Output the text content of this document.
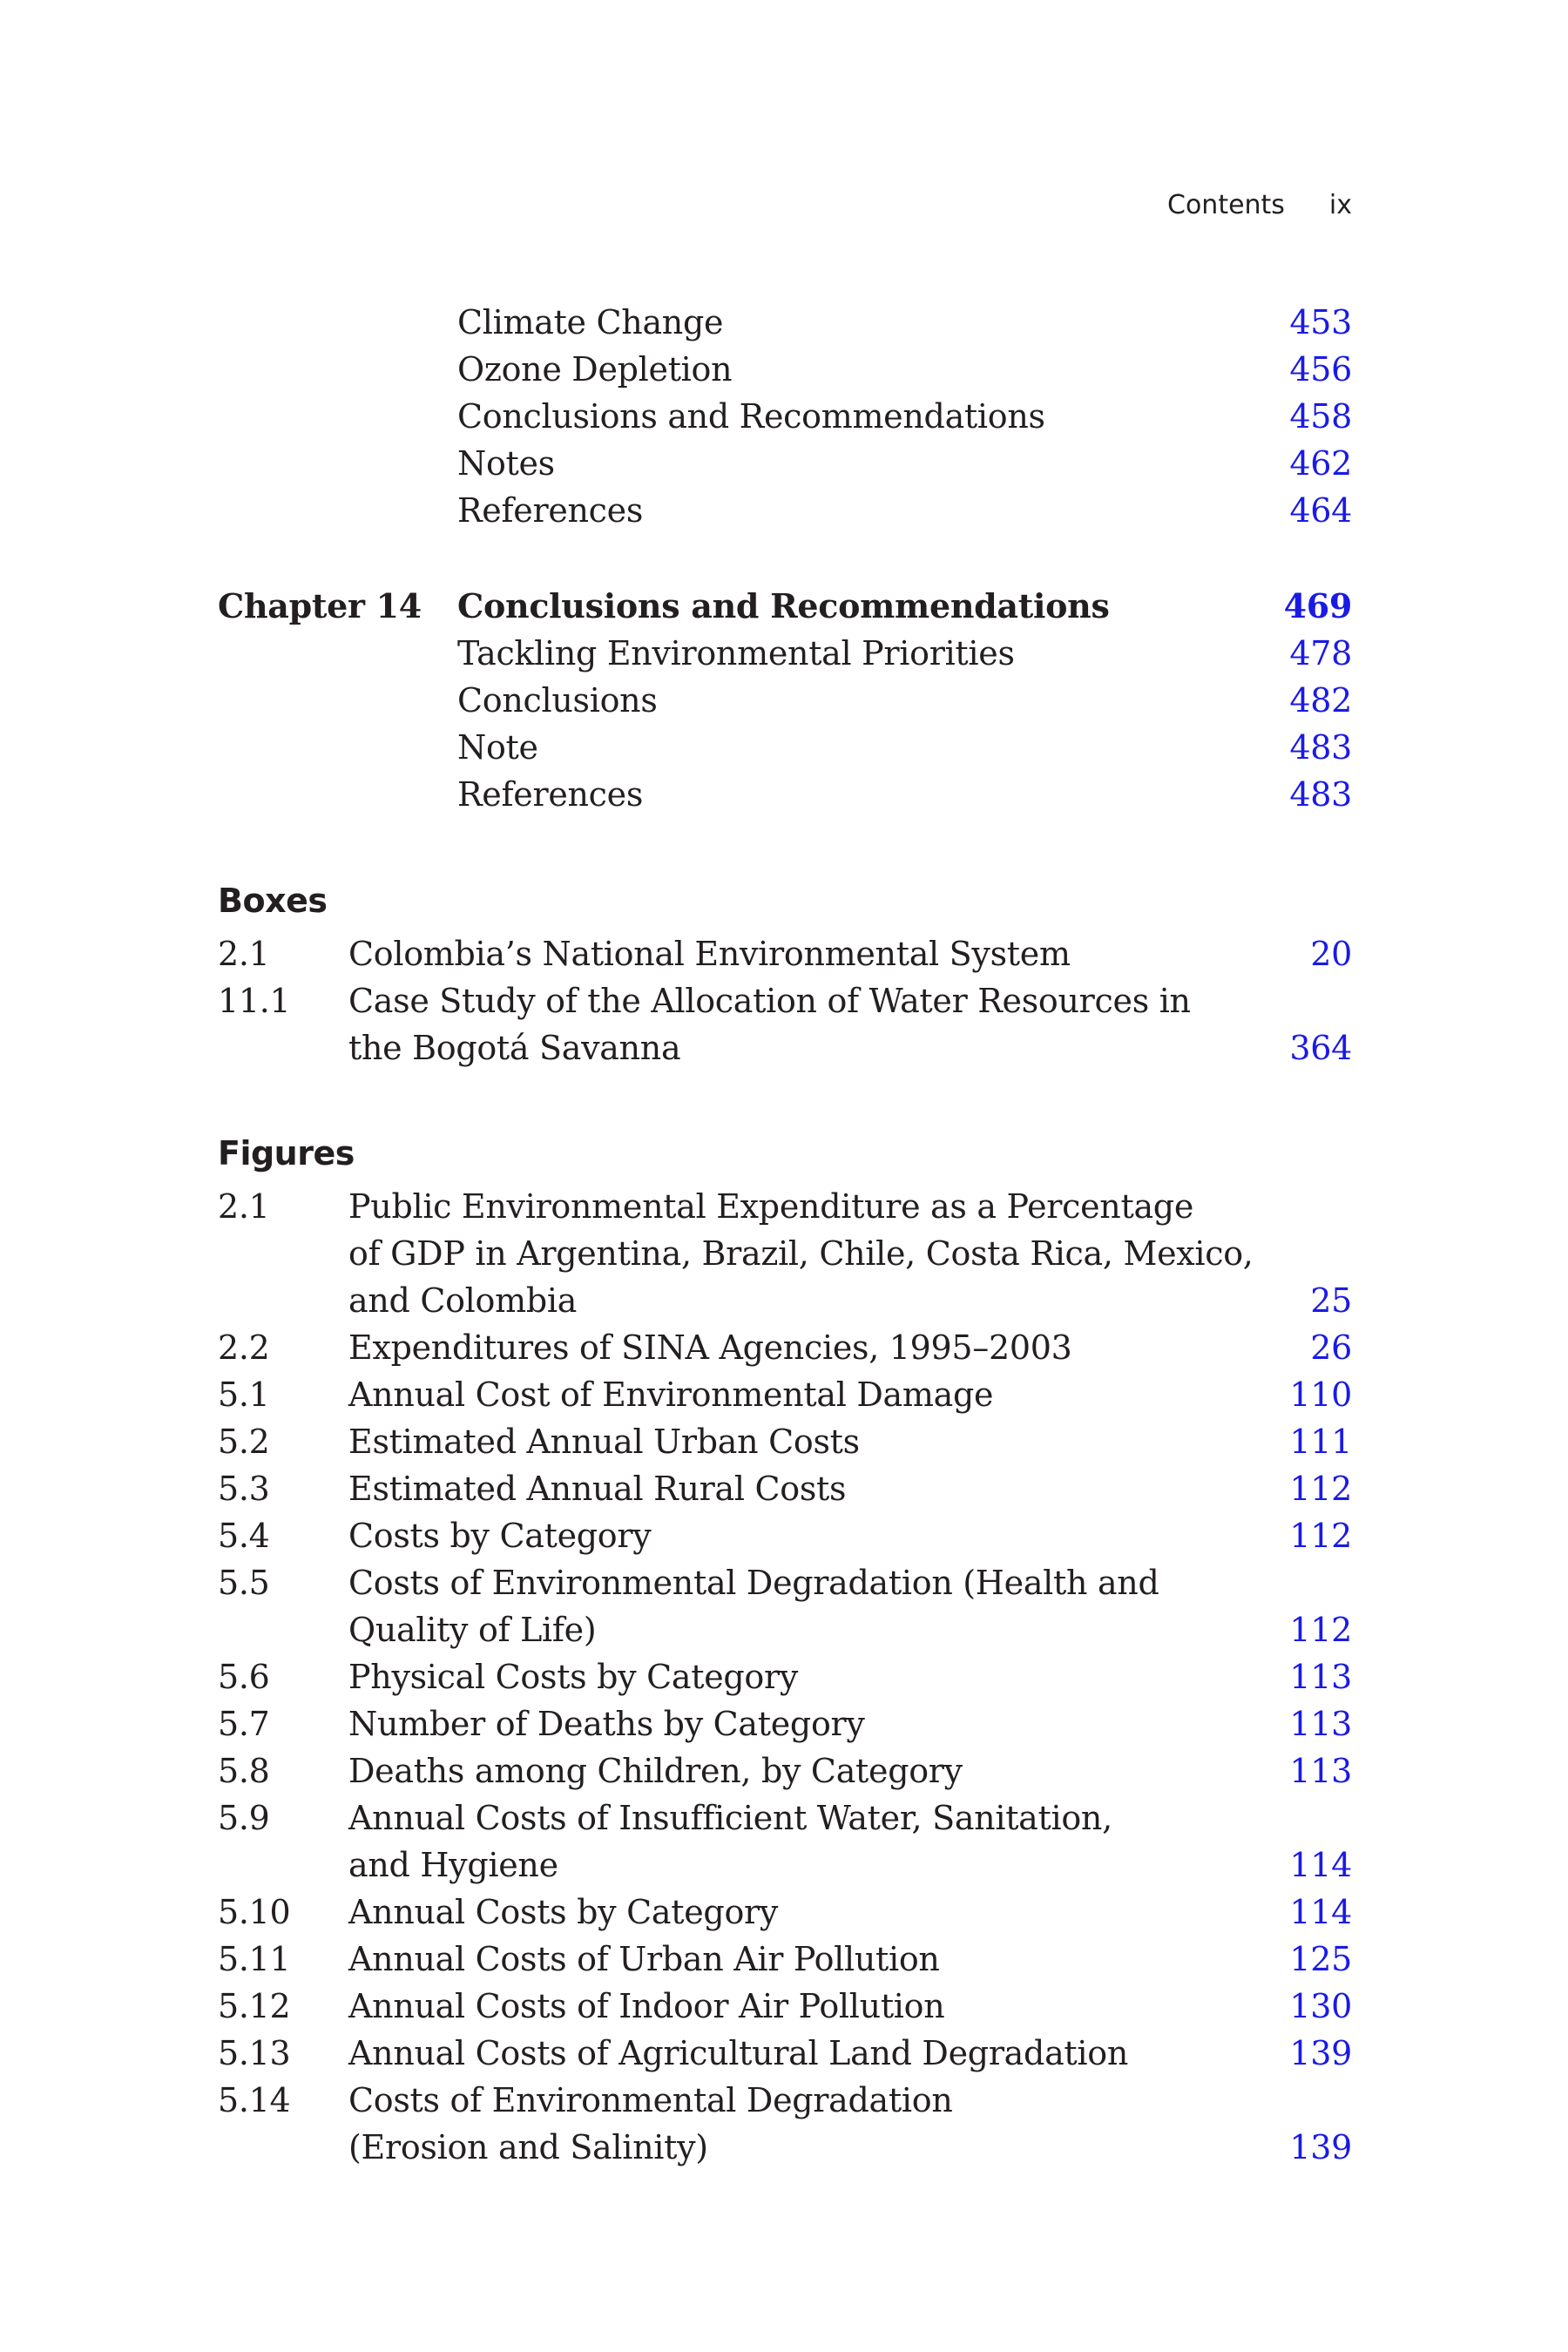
Contents ix
Climate Change	453
Ozone Depletion	456
Conclusions and Recommendations	458
Notes	462
References	464
Chapter 14 Conclusions and Recommendations	469
Tackling Environmental Priorities	478
Conclusions	482
Note	483
References	483
Boxes
2.1 Colombia’s National Environmental System	20
11.1 Case Study of the Allocation of Water Resources in
the Bogotá Savanna	364
Figures
2.1 Public Environmental Expenditure as a Percentage
of GDP in Argentina, Brazil, Chile, Costa Rica, Mexico,
and Colombia	25
2.2 Expenditures of SINA Agencies, 1995–2003	26
5.1 Annual Cost of Environmental Damage	110
5.2 Estimated Annual Urban Costs	111
5.3 Estimated Annual Rural Costs	112
5.4 Costs by Category	112
5.5 Costs of Environmental Degradation (Health and
Quality of Life)	112
5.6 Physical Costs by Category	113
5.7 Number of Deaths by Category	113
5.8 Deaths among Children, by Category	113
5.9 Annual Costs of Insufficient Water, Sanitation,
and Hygiene	114
5.10 Annual Costs by Category	114
5.11 Annual Costs of Urban Air Pollution	125
5.12 Annual Costs of Indoor Air Pollution	130
5.13 Annual Costs of Agricultural Land Degradation	139
5.14 Costs of Environmental Degradation
(Erosion and Salinity)	139
